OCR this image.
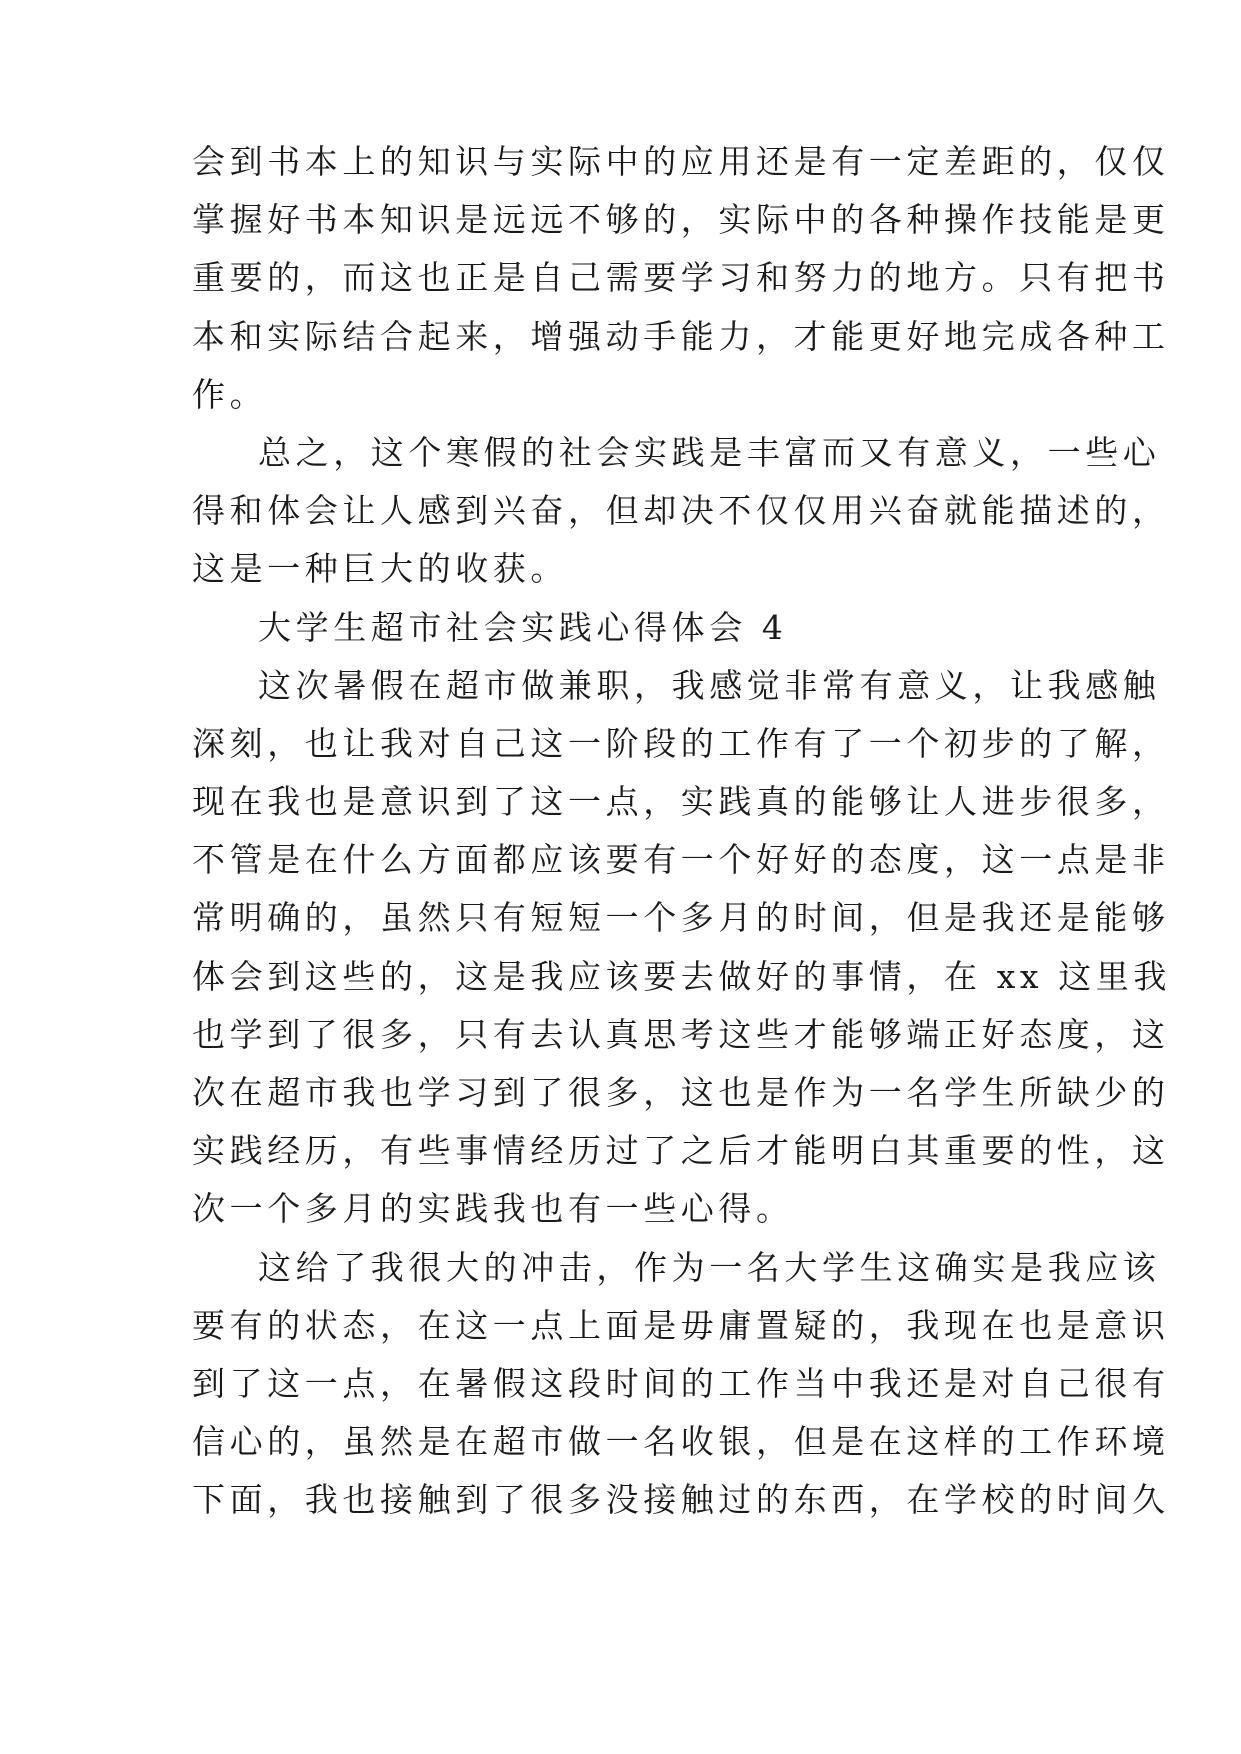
会到书本上的知识与实际中的应用还是有一定差距的，仅仅
掌握好书本知识是远远不够的，实际中的各种操作技能是更
重要的，而这也正是自己需要学习和努力的地方。只有把书
本和实际结合起来，增强动手能力，才能更好地完成各种工
作。
总之，这个寒假的社会实践是丰富而又有意义，一些心
得和体会让人感到兴奋，但却决不仅仅用兴奋就能描述的，
这是一种巨大的收获。
大学生超市社会实践心得体会 4
这次暑假在超市做兼职，我感觉非常有意义，让我感触
深刻，也让我对自己这一阶段的工作有了一个初步的了解，
现在我也是意识到了这一点，实践真的能够让人进步很多，
不管是在什么方面都应该要有一个好好的态度，这一点是非
常明确的，虽然只有短短一个多月的时间，但是我还是能够
体会到这些的，这是我应该要去做好的事情，在 xx 这里我
也学到了很多，只有去认真思考这些才能够端正好态度，这
次在超市我也学习到了很多，这也是作为一名学生所缺少的
实践经历，有些事情经历过了之后才能明白其重要的性，这
次一个多月的实践我也有一些心得。
这给了我很大的冲击，作为一名大学生这确实是我应该
要有的状态，在这一点上面是毋庸置疑的，我现在也是意识
到了这一点，在暑假这段时间的工作当中我还是对自己很有
信心的，虽然是在超市做一名收银，但是在这样的工作环境
下面，我也接触到了很多没接触过的东西，在学校的时间久
